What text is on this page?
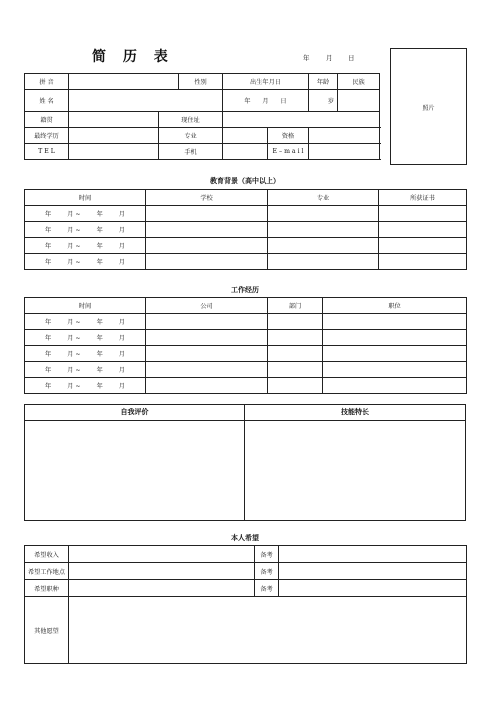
简 历 表	年	月 日
照片
拼 音			性别	出生年月日		年龄	民族	
姓 名				年 月 日		岁		
籍贯		现住址						
最终学历		专业			资格			
T E L		手机			E – m a i l			
教育背景（高中以上）
时间	学校	专业	所获证书

年 月 ~ 年 月			

年 月 ~ 年 月			

年 月 ~ 年 月			

年 月 ~ 年 月			

工作经历
时间	公司	部门	职位

年 月 ~ 年 月			

年 月 ~ 年 月			

年 月 ~ 年 月			

年 月 ~ 年 月			

年 月 ~ 年 月			

自我评价	技能特长
本人希望
希望收入		备考	
希望工作地点		备考	
希望职种		备考	
其他愿望			
